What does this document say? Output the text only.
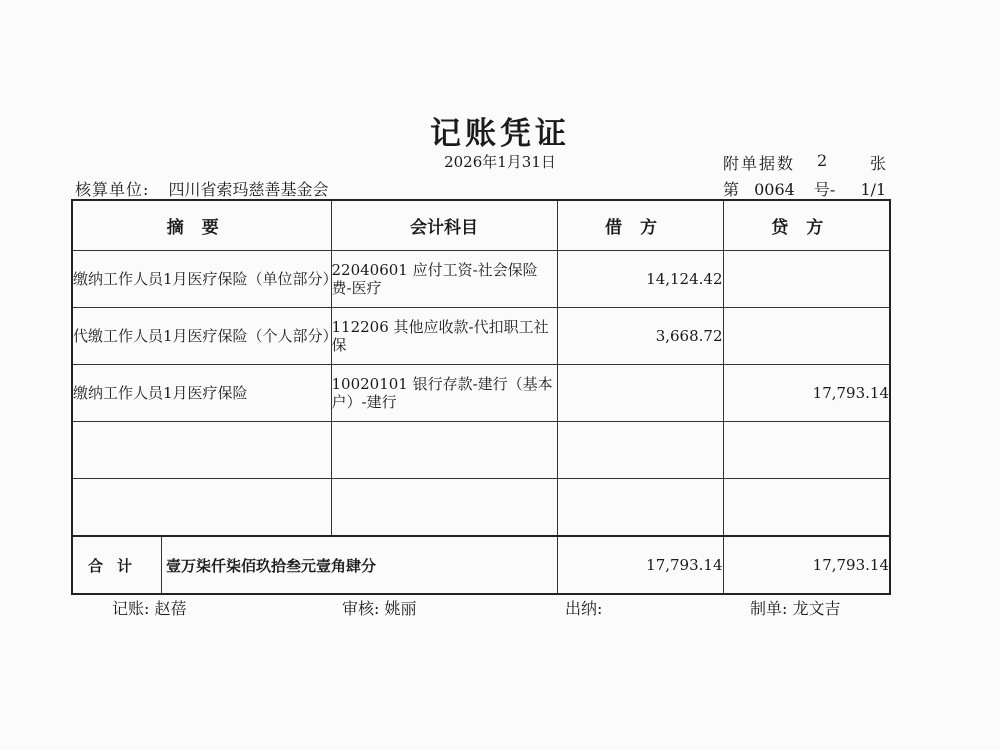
记账凭证
2026年1月31日	附单据数 2	张
核算单位: 四川省索玛慈善基金会	第 0064 号- 1/1
摘要	会计科目	借方	贷方
缴纳工作人员1月医疗保险（单位部分）	22040601 应付工资-社会保险费-医疗	14,124.42	
代缴工作人员1月医疗保险（个人部分）	112206 其他应收款-代扣职工社保	3,668.72	
缴纳工作人员1月医疗保险	10020101 银行存款-建行（基本户）-建行		17,793.14

合计 壹万柒仟柒佰玖拾叁元壹角肆分		17,793.14	17,793.14
记账: 赵蓓	审核: 姚丽	出纳:	制单: 龙文吉
